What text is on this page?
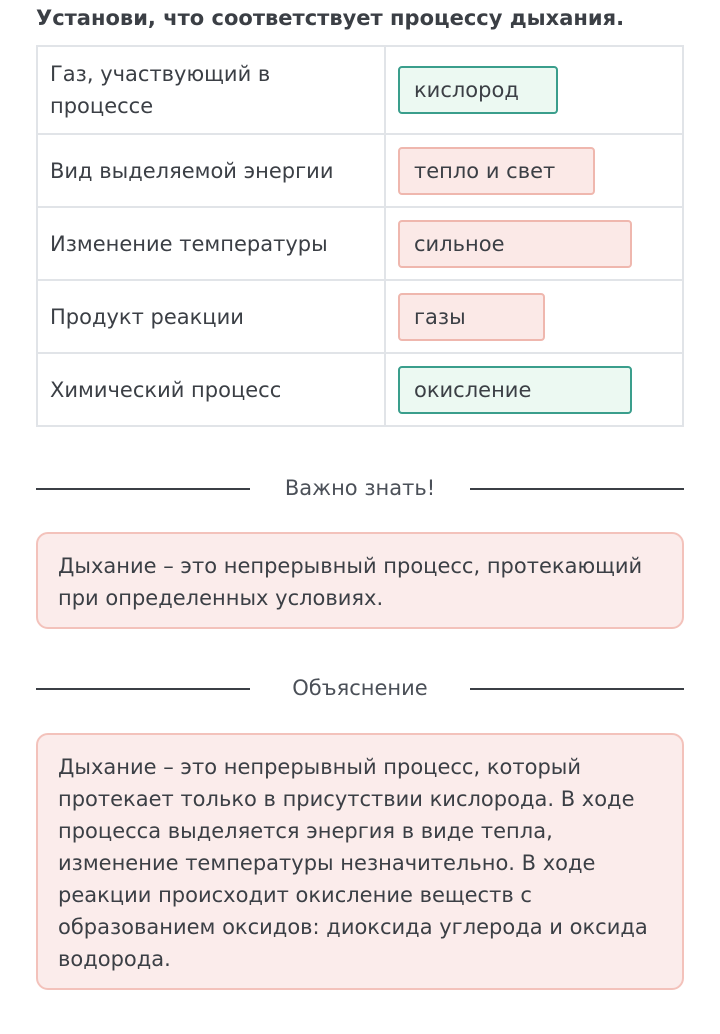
Установи, что соответствует процессу дыхания.
Газ, участвующий в процессе	кислород
Вид выделяемой энергии	тепло и свет
Изменение температуры	сильное
Продукт реакции	газы
Химический процесс	окисление
Важно знать!
Дыхание – это непрерывный процесс, протекающий при определенных условиях.
Объяснение
Дыхание – это непрерывный процесс, который протекает только в присутствии кислорода. В ходе процесса выделяется энергия в виде тепла, изменение температуры незначительно. В ходе реакции происходит окисление веществ с образованием оксидов: диоксида углерода и оксида водорода.
